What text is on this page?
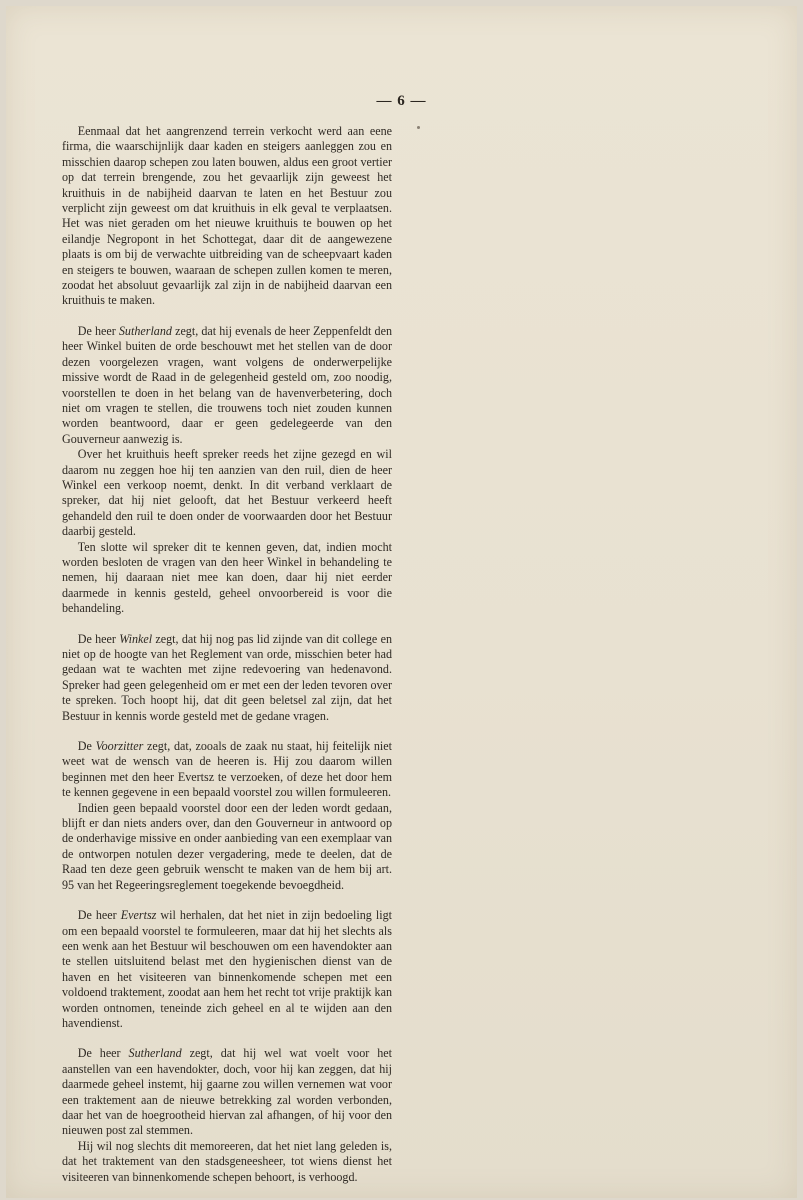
— 6 —

Eenmaal dat het aangrenzend terrein verkocht werd aan eene firma, die waarschijnlijk daar kaden en steigers aanleggen zou en misschien daarop schepen zou laten bouwen, aldus een groot vertier op dat terrein brengende, zou het gevaarlijk zijn geweest het kruithuis in de nabijheid daarvan te laten en het Bestuur zou verplicht zijn geweest om dat kruithuis in elk geval te verplaatsen. Het was niet geraden om het nieuwe kruithuis te bouwen op het eilandje Negropont in het Schottegat, daar dit de aangewezene plaats is om bij de verwachte uitbreiding van de scheepvaart kaden en steigers te bouwen, waaraan de schepen zullen komen te meren, zoodat het absoluut gevaarlijk zal zijn in de nabijheid daarvan een kruithuis te maken.

De heer Sutherland zegt, dat hij evenals de heer Zeppenfeldt den heer Winkel buiten de orde beschouwt met het stellen van de door dezen voorgelezen vragen, want volgens de onderwerpelijke missive wordt de Raad in de gelegenheid gesteld om, zoo noodig, voorstellen te doen in het belang van de havenverbetering, doch niet om vragen te stellen, die trouwens toch niet zouden kunnen worden beantwoord, daar er geen gedelegeerde van den Gouverneur aanwezig is.

Over het kruithuis heeft spreker reeds het zijne gezegd en wil daarom nu zeggen hoe hij ten aanzien van den ruil, dien de heer Winkel een verkoop noemt, denkt. In dit verband verklaart de spreker, dat hij niet gelooft, dat het Bestuur verkeerd heeft gehandeld den ruil te doen onder de voorwaarden door het Bestuur daarbij gesteld.

Ten slotte wil spreker dit te kennen geven, dat, indien mocht worden besloten de vragen van den heer Winkel in behandeling te nemen, hij daaraan niet mee kan doen, daar hij niet eerder daarmede in kennis gesteld, geheel onvoorbereid is voor die behandeling.

De heer Winkel zegt, dat hij nog pas lid zijnde van dit college en niet op de hoogte van het Reglement van orde, misschien beter had gedaan wat te wachten met zijne redevoering van hedenavond. Spreker had geen gelegenheid om er met een der leden tevoren over te spreken. Toch hoopt hij, dat dit geen beletsel zal zijn, dat het Bestuur in kennis worde gesteld met de gedane vragen.

De Voorzitter zegt, dat, zooals de zaak nu staat, hij feitelijk niet weet wat de wensch van de heeren is. Hij zou daarom willen beginnen met den heer Evertsz te verzoeken, of deze het door hem te kennen gegevene in een bepaald voorstel zou willen formuleeren.

Indien geen bepaald voorstel door een der leden wordt gedaan, blijft er dan niets anders over, dan den Gouverneur in antwoord op de onderhavige missive en onder aanbieding van een exemplaar van de ontworpen notulen dezer vergadering, mede te deelen, dat de Raad ten deze geen gebruik wenscht te maken van de hem bij art. 95 van het Regeeringsreglement toegekende bevoegdheid.

De heer Evertsz wil herhalen, dat het niet in zijn bedoeling ligt om een bepaald voorstel te formuleeren, maar dat hij het slechts als een wenk aan het Bestuur wil beschouwen om een havendokter aan te stellen uitsluitend belast met den hygienischen dienst van de haven en het visiteeren van binnenkomende schepen met een voldoend traktement, zoodat aan hem het recht tot vrije praktijk kan worden ontnomen, teneinde zich geheel en al te wijden aan den havendienst.

De heer Sutherland zegt, dat hij wel wat voelt voor het aanstellen van een havendokter, doch, voor hij kan zeggen, dat hij daarmede geheel instemt, hij gaarne zou willen vernemen wat voor een traktement aan de nieuwe betrekking zal worden verbonden, daar het van de hoegrootheid hiervan zal afhangen, of hij voor den nieuwen post zal stemmen.

Hij wil nog slechts dit memoreeren, dat het niet lang geleden is, dat het traktement van den stadsgeneesheer, tot wiens dienst het visiteeren van binnenkomende schepen behoort, is verhoogd.
